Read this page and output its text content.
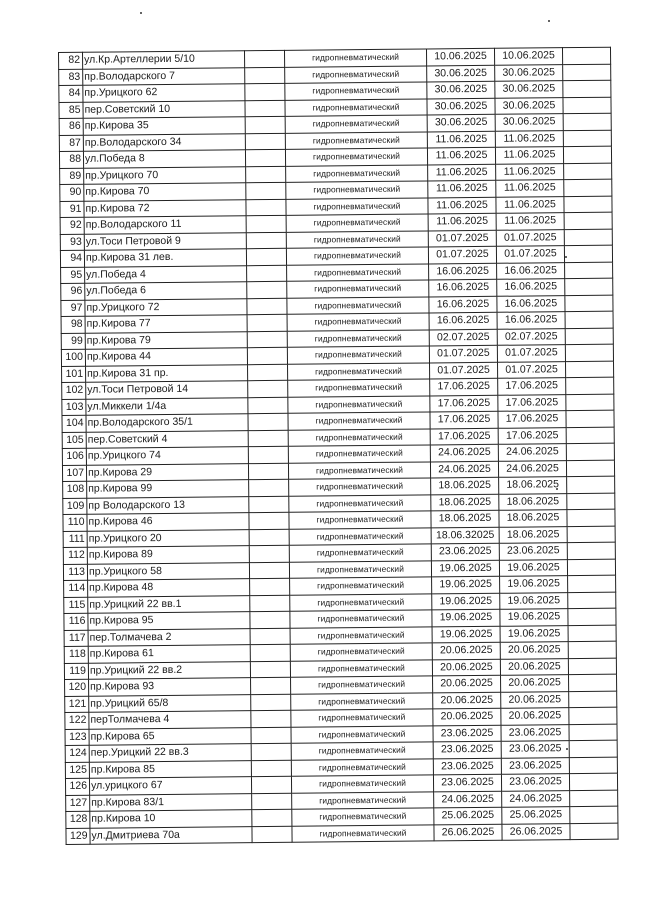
82	ул.Кр.Артеллерии 5/10		гидропневматический	10.06.2025	10.06.2025	
83	пр.Володарского 7		гидропневматический	30.06.2025	30.06.2025	
84	пр.Урицкого 62		гидропневматический	30.06.2025	30.06.2025	
85	пер.Советский 10		гидропневматический	30.06.2025	30.06.2025	
86	пр.Кирова 35		гидропневматический	30.06.2025	30.06.2025	
87	пр.Володарского 34		гидропневматический	11.06.2025	11.06.2025	
88	ул.Победа 8		гидропневматический	11.06.2025	11.06.2025	
89	пр.Урицкого 70		гидропневматический	11.06.2025	11.06.2025	
90	пр.Кирова 70		гидропневматический	11.06.2025	11.06.2025	
91	пр.Кирова 72		гидропневматический	11.06.2025	11.06.2025	
92	пр.Володарского 11		гидропневматический	11.06.2025	11.06.2025	
93	ул.Тоси Петровой 9		гидропневматический	01.07.2025	01.07.2025	
94	пр.Кирова 31 лев.		гидропневматический	01.07.2025	01.07.2025	
95	ул.Победа 4		гидропневматический	16.06.2025	16.06.2025	
96	ул.Победа 6		гидропневматический	16.06.2025	16.06.2025	
97	пр.Урицкого 72		гидропневматический	16.06.2025	16.06.2025	
98	пр.Кирова 77		гидропневматический	16.06.2025	16.06.2025	
99	пр.Кирова 79		гидропневматический	02.07.2025	02.07.2025	
100	пр.Кирова 44		гидропневматический	01.07.2025	01.07.2025	
101	пр.Кирова 31 пр.		гидропневматический	01.07.2025	01.07.2025	
102	ул.Тоси Петровой 14		гидропневматический	17.06.2025	17.06.2025	
103	ул.Миккели 1/4а		гидропневматический	17.06.2025	17.06.2025	
104	пр.Володарского 35/1		гидропневматический	17.06.2025	17.06.2025	
105	пер.Советский 4		гидропневматический	17.06.2025	17.06.2025	
106	пр.Урицкого 74		гидропневматический	24.06.2025	24.06.2025	
107	пр.Кирова 29		гидропневматический	24.06.2025	24.06.2025	
108	пр.Кирова 99		гидропневматический	18.06.2025	18.06.2025	
109	пр Володарского 13		гидропневматический	18.06.2025	18.06.2025	
110	пр.Кирова 46		гидропневматический	18.06.2025	18.06.2025	
111	пр.Урицкого 20		гидропневматический	18.06.32025	18.06.2025	
112	пр.Кирова 89		гидропневматический	23.06.2025	23.06.2025	
113	пр.Урицкого 58		гидропневматический	19.06.2025	19.06.2025	
114	пр.Кирова 48		гидропневматический	19.06.2025	19.06.2025	
115	пр.Урицкий 22 вв.1		гидропневматический	19.06.2025	19.06.2025	
116	пр.Кирова 95		гидропневматический	19.06.2025	19.06.2025	
117	пер.Толмачева 2		гидропневматический	19.06.2025	19.06.2025	
118	пр.Кирова 61		гидропневматический	20.06.2025	20.06.2025	
119	пр.Урицкий 22 вв.2		гидропневматический	20.06.2025	20.06.2025	
120	пр.Кирова 93		гидропневматический	20.06.2025	20.06.2025	
121	пр.Урицкий 65/8		гидропневматический	20.06.2025	20.06.2025	
122	перТолмачева 4		гидропневматический	20.06.2025	20.06.2025	
123	пр.Кирова 65		гидропневматический	23.06.2025	23.06.2025	
124	пер.Урицкий 22 вв.3		гидропневматический	23.06.2025	23.06.2025	
125	пр.Кирова 85		гидропневматический	23.06.2025	23.06.2025	
126	ул.урицкого 67		гидропневматический	23.06.2025	23.06.2025	
127	пр.Кирова 83/1		гидропневматический	24.06.2025	24.06.2025	
128	пр.Кирова 10		гидропневматический	25.06.2025	25.06.2025	
129	ул.Дмитриева 70а		гидропневматический	26.06.2025	26.06.2025	
